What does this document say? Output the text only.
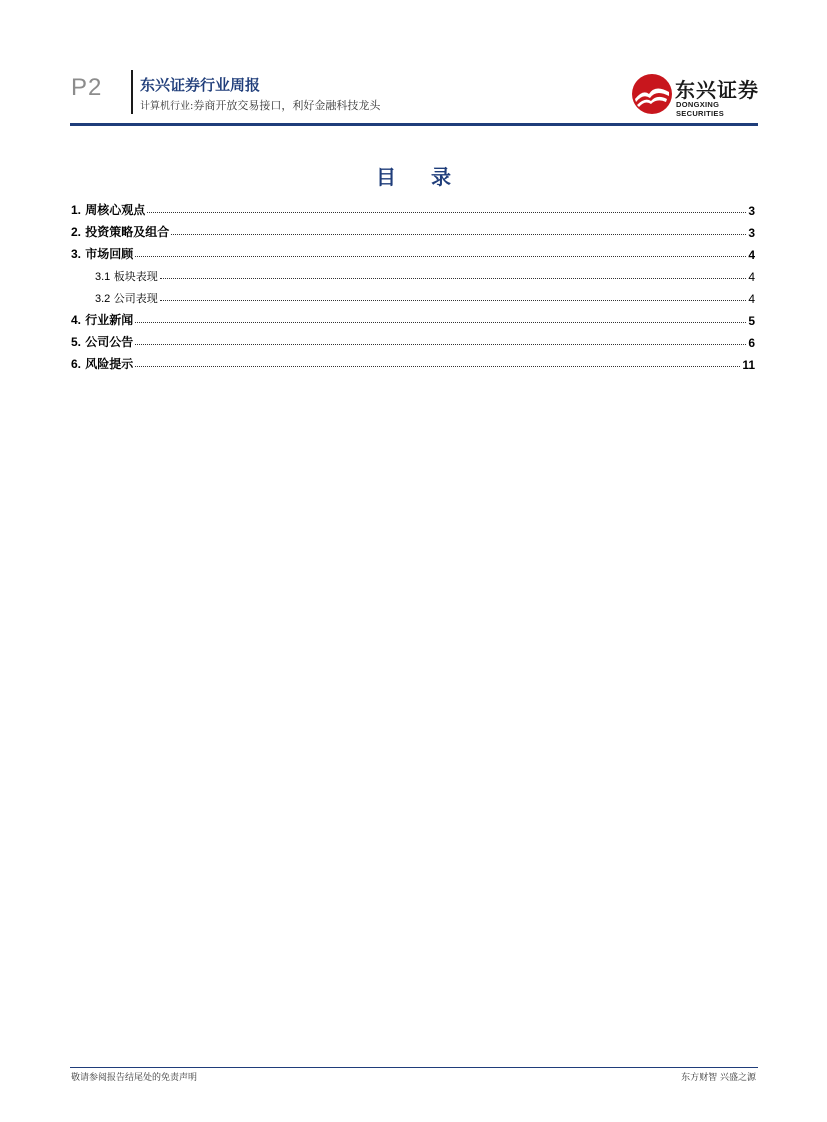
P2	东兴证券行业周报
计算机行业:券商开放交易接口，利好金融科技龙头
东兴证券
DONGXING SECURITIES
目 录
1. 周核心观点	3
2. 投资策略及组合	3
3. 市场回顾	4
3.1 板块表现	4
3.2 公司表现	4
4. 行业新闻	5
5. 公司公告	6
6. 风险提示	11
敬请参阅报告结尾处的免责声明	东方财智 兴盛之源
